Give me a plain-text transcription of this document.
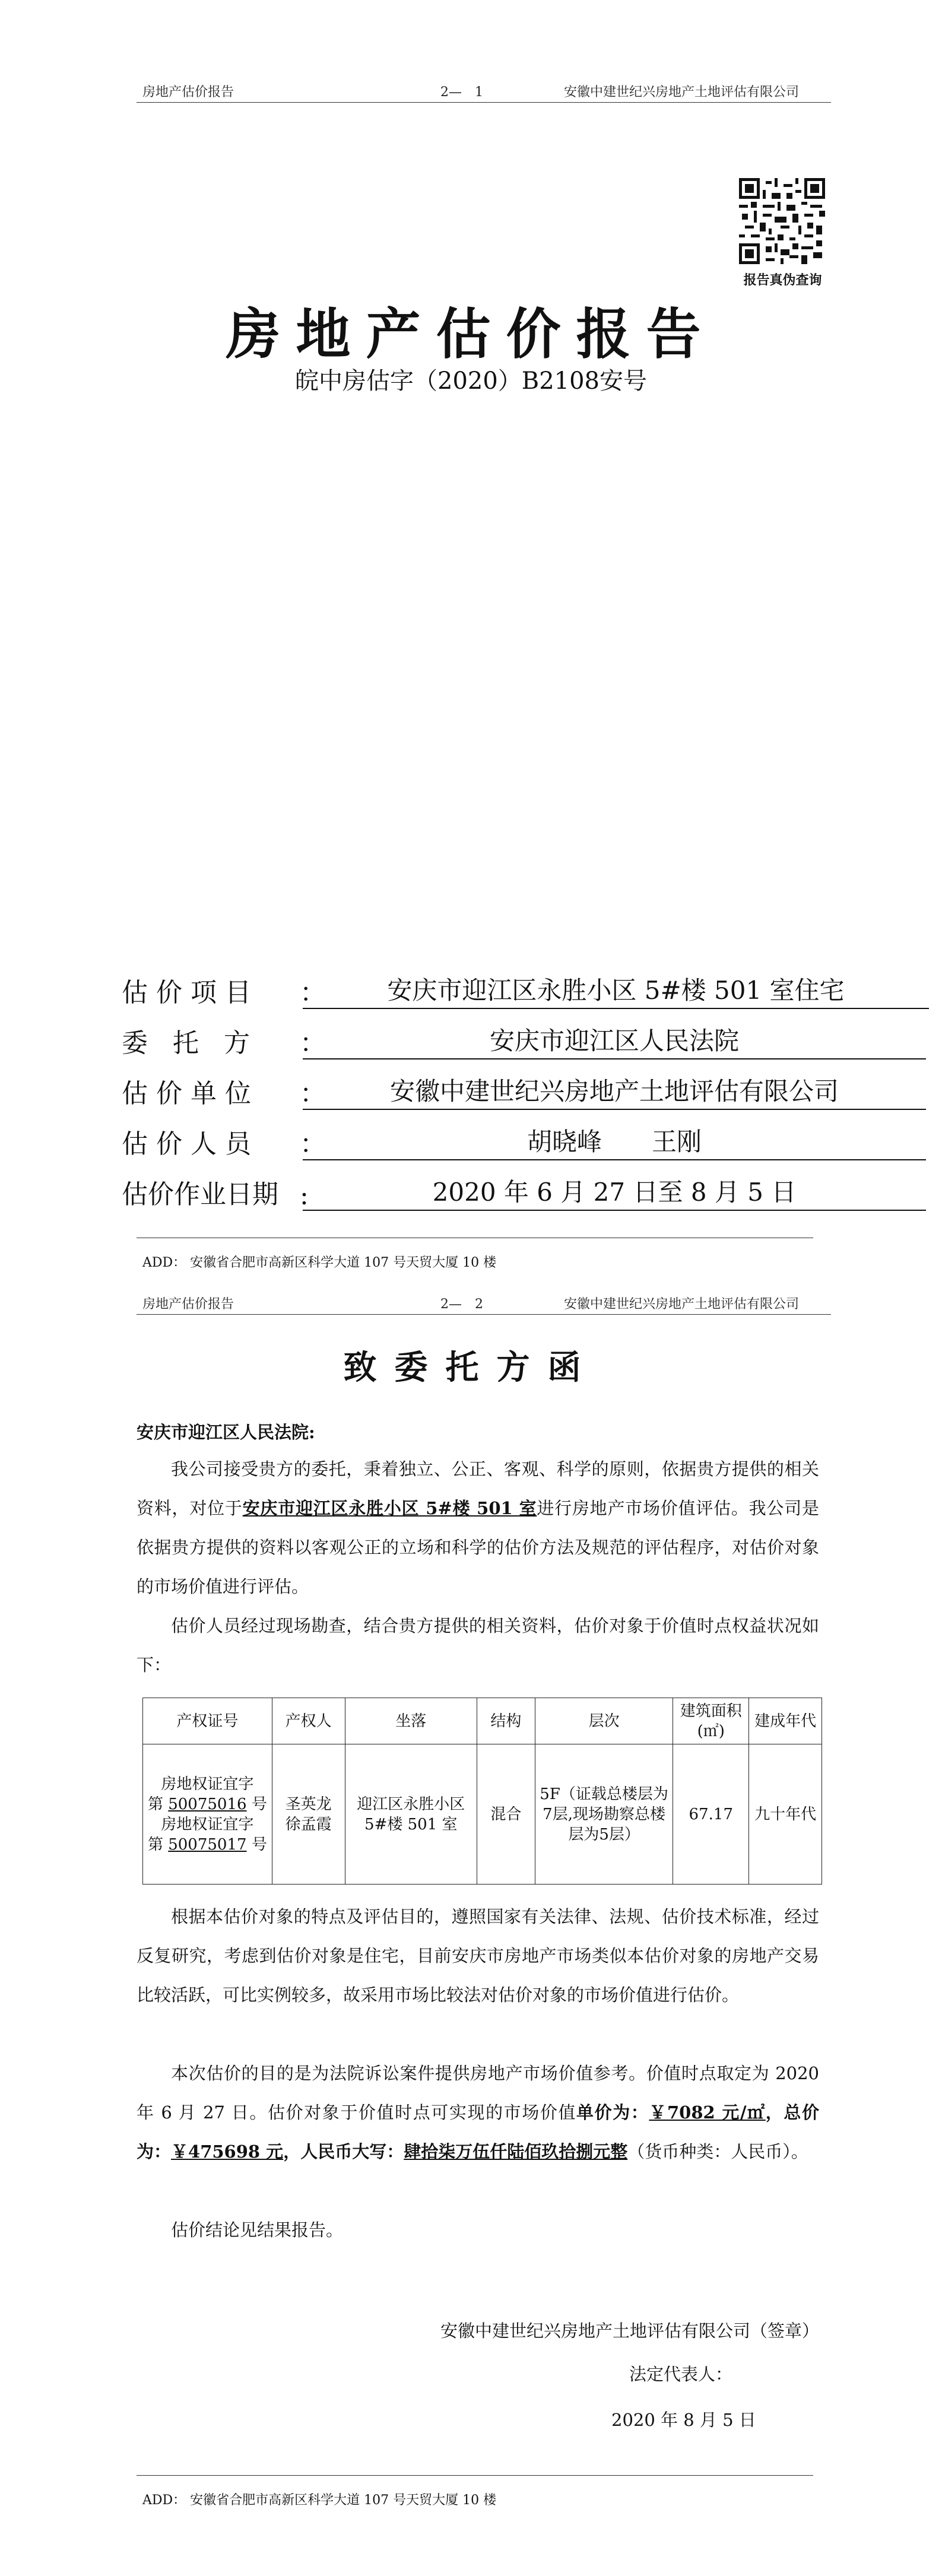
房地产估价报告	2—　1	安徽中建世纪兴房地产土地评估有限公司
报告真伪查询
房地产估价报告
皖中房估字（2020）B2108安号
估价项目	：	安庆市迎江区永胜小区 5#楼 501 室住宅
委托方 ：	安庆市迎江区人民法院
估价单位	：	安徽中建世纪兴房地产土地评估有限公司
估价人员	：	胡晓峰　　王刚
估价作业日期 :	2020 年 6 月 27 日至 8 月 5 日
ADD： 安徽省合肥市高新区科学大道 107 号天贸大厦 10 楼
房地产估价报告	2—　2	安徽中建世纪兴房地产土地评估有限公司
致委托方函
安庆市迎江区人民法院:
我公司接受贵方的委托，秉着独立、公正、客观、科学的原则，依据贵方提供的相关资料，对位于安庆市迎江区永胜小区 5#楼 501 室进行房地产市场价值评估。我公司是依据贵方提供的资料以客观公正的立场和科学的估价方法及规范的评估程序，对估价对象的市场价值进行评估。
估价人员经过现场勘查，结合贵方提供的相关资料，估价对象于价值时点权益状况如下：
产权证号	产权人	坐落	结构	层次	建筑面积(㎡)	建成年代

房地权证宜字
第 50075016 号
房地权证宜字
第 50075017 号	圣英龙 徐孟霞	迎江区永胜小区 5#楼 501 室	混合	5F（证载总楼层为7层,现场勘察总楼层为5层）	67.17	九十年代
根据本估价对象的特点及评估目的，遵照国家有关法律、法规、估价技术标准，经过反复研究，考虑到估价对象是住宅，目前安庆市房地产市场类似本估价对象的房地产交易比较活跃，可比实例较多，故采用市场比较法对估价对象的市场价值进行估价。
本次估价的目的是为法院诉讼案件提供房地产市场价值参考。价值时点取定为 2020 年 6 月 27 日。估价对象于价值时点可实现的市场价值单价为：￥7082 元/㎡，总价为：￥475698 元，人民币大写：肆拾柒万伍仟陆佰玖拾捌元整（货币种类：人民币）。
估价结论见结果报告。
安徽中建世纪兴房地产土地评估有限公司（签章）
法定代表人：
2020 年 8 月 5 日
ADD： 安徽省合肥市高新区科学大道 107 号天贸大厦 10 楼
